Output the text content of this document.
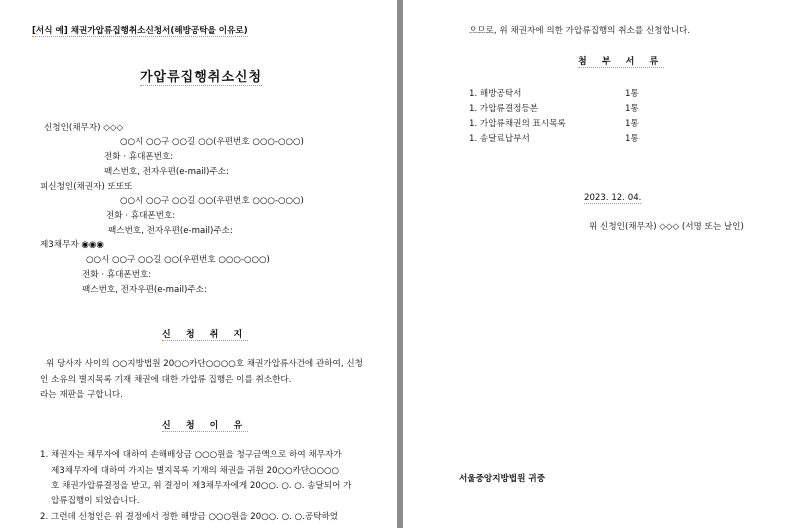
[서식 예] 채권가압류집행취소신청서(해방공탁을 이유로)
가압류집행취소신청
신청인(채무자) ◇◇◇
○○시 ○○구 ○○길 ○○(우편번호 ○○○-○○○)
전화 · 휴대폰번호:
팩스번호, 전자우편(e-mail)주소:
피신청인(채권자) 또또또
○○시 ○○구 ○○길 ○○(우편번호 ○○○-○○○)
전화 · 휴대폰번호:
팩스번호, 전자우편(e-mail)주소:
제3채무자 ◉◉◉
○○시 ○○구 ○○길 ○○(우편번호 ○○○-○○○)
전화 · 휴대폰번호:
팩스번호, 전자우편(e-mail)주소:
신 청 취 지
위 당사자 사이의 ○○지방법원 20○○카단○○○○호 채권가압류사건에 관하여, 신청
인 소유의 별지목록 기재 채권에 대한 가압류 집행은 이를 취소한다.
라는 재판을 구합니다.
신 청 이 유
1. 채권자는 채무자에 대하여 손해배상금 ○○○원을 청구금액으로 하여 채무자가
제3채무자에 대하여 가지는 별지목록 기재의 채권을 귀원 20○○카단○○○○
호 채권가압류결정을 받고, 위 결정이 제3채무자에게 20○○. ○. ○. 송달되어 가
압류집행이 되었습니다.
2. 그런데 신청인은 위 결정에서 정한 해방금 ○○○원을 20○○. ○. ○.공탁하였
으므로, 위 채권자에 의한 가압류집행의 취소를 신청합니다.
첨 부 서 류
1. 해방공탁서	1통
1. 가압류결정등본	1통
1. 가압류채권의 표시목록	1통
1. 송달료납부서	1통
2023. 12. 04.
위 신청인(채무자) ◇◇◇ (서명 또는 날인)
서울중앙지방법원 귀중
